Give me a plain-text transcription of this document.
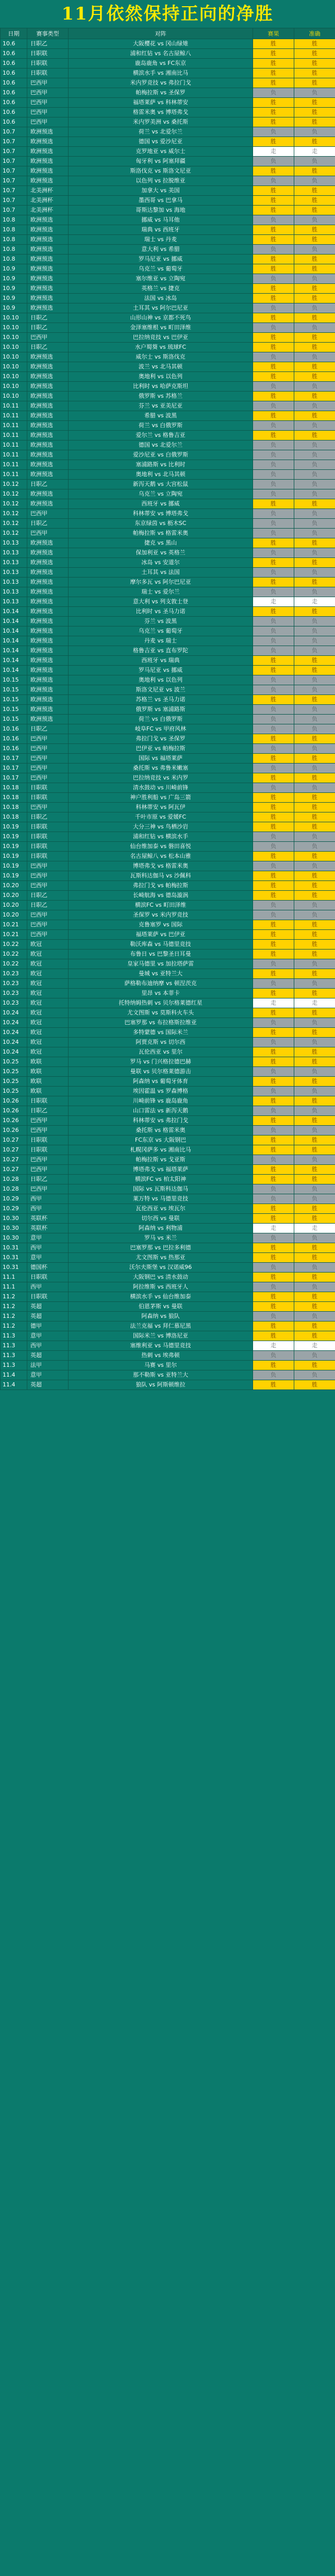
11月依然保持正向的净胜
日期	赛事类型	对阵	赛果	准确
10.6	日职乙	大阪樱花 vs 冈山绿雉	胜	胜
10.6	日职联	浦和红钻 vs 名古屋鲸八	胜	胜
10.6	日职联	鹿岛鹿角 vs FC东京	胜	胜
10.6	日职联	横滨水手 vs 湘南比马	胜	胜
10.6	巴西甲	米内罗竞技 vs 弗拉门戈	胜	胜
10.6	巴西甲	帕梅拉斯 vs 圣保罗	负	负
10.6	巴西甲	福塔莱萨 vs 科林蒂安	胜	胜
10.6	巴西甲	格雷米奥 vs 博塔弗戈	胜	胜
10.6	巴西甲	米内罗美洲 vs 桑托斯	胜	胜
10.7	欧洲预选	荷兰 vs 北爱尔兰	负	负
10.7	欧洲预选	德国 vs 爱沙尼亚	胜	胜
10.7	欧洲预选	克罗地亚 vs 威尔士	走	走
10.7	欧洲预选	匈牙利 vs 阿塞拜疆	负	负
10.7	欧洲预选	斯洛伐克 vs 斯洛文尼亚	胜	胜
10.7	欧洲预选	以色列 vs 拉脱维亚	负	负
10.7	北美洲杯	加拿大 vs 美国	胜	胜
10.7	北美洲杯	墨西哥 vs 巴拿马	胜	胜
10.7	北美洲杯	哥斯达黎加 vs 海地	胜	胜
10.8	欧洲预选	挪威 vs 马耳他	负	负
10.8	欧洲预选	瑞典 vs 西班牙	胜	胜
10.8	欧洲预选	瑞士 vs 丹麦	胜	胜
10.8	欧洲预选	意大利 vs 希腊	负	负
10.8	欧洲预选	罗马尼亚 vs 挪威	胜	胜
10.9	欧洲预选	乌克兰 vs 葡萄牙	胜	胜
10.9	欧洲预选	塞尔维亚 vs 立陶宛	负	负
10.9	欧洲预选	英格兰 vs 捷克	胜	胜
10.9	欧洲预选	法国 vs 冰岛	胜	胜
10.9	欧洲预选	土耳其 vs 阿尔巴尼亚	负	负
10.10	日职乙	山形山神 vs 京都不死鸟	胜	胜
10.10	日职乙	金泽塞维根 vs 町田泽维	负	负
10.10	巴西甲	巴拉纳竞技 vs 巴伊亚	胜	胜
10.10	日职乙	水户蜀葵 vs 琉球FC	胜	胜
10.10	欧洲预选	威尔士 vs 斯洛伐克	负	负
10.10	欧洲预选	波兰 vs 北马其顿	胜	胜
10.10	欧洲预选	奥地利 vs 以色列	胜	胜
10.10	欧洲预选	比利时 vs 哈萨克斯坦	负	负
10.10	欧洲预选	俄罗斯 vs 苏格兰	胜	胜
10.11	欧洲预选	芬兰 vs 亚美尼亚	负	负
10.11	欧洲预选	希腊 vs 波黑	胜	胜
10.11	欧洲预选	荷兰 vs 白俄罗斯	负	负
10.11	欧洲预选	爱尔兰 vs 格鲁吉亚	胜	胜
10.11	欧洲预选	德国 vs 北爱尔兰	负	负
10.11	欧洲预选	爱沙尼亚 vs 白俄罗斯	负	负
10.11	欧洲预选	塞浦路斯 vs 比利时	负	负
10.11	欧洲预选	奥地利 vs 北马其顿	负	负
10.12	日职乙	新泻天鹅 vs 大宫松鼠	负	负
10.12	欧洲预选	乌克兰 vs 立陶宛	负	负
10.12	欧洲预选	西班牙 vs 挪威	胜	胜
10.12	巴西甲	科林蒂安 vs 博塔弗戈	负	负
10.12	日职乙	东京绿茵 vs 枥木SC	负	负
10.12	巴西甲	帕梅拉斯 vs 格雷米奥	负	负
10.13	欧洲预选	捷克 vs 黑山	胜	胜
10.13	欧洲预选	保加利亚 vs 英格兰	负	负
10.13	欧洲预选	冰岛 vs 安道尔	胜	胜
10.13	欧洲预选	土耳其 vs 法国	负	负
10.13	欧洲预选	摩尔多瓦 vs 阿尔巴尼亚	胜	胜
10.13	欧洲预选	瑞士 vs 爱尔兰	负	负
10.13	欧洲预选	意大利 vs 列支敦士登	走	走
10.14	欧洲预选	比利时 vs 圣马力诺	胜	胜
10.14	欧洲预选	芬兰 vs 波黑	负	负
10.14	欧洲预选	乌克兰 vs 葡萄牙	负	负
10.14	欧洲预选	丹麦 vs 瑞士	负	负
10.14	欧洲预选	格鲁吉亚 vs 直布罗陀	负	负
10.14	欧洲预选	西班牙 vs 瑞典	胜	胜
10.14	欧洲预选	罗马尼亚 vs 挪威	胜	胜
10.15	欧洲预选	奥地利 vs 以色列	负	负
10.15	欧洲预选	斯洛文尼亚 vs 波兰	负	负
10.15	欧洲预选	苏格兰 vs 圣马力诺	胜	胜
10.15	欧洲预选	俄罗斯 vs 塞浦路斯	负	负
10.15	欧洲预选	荷兰 vs 白俄罗斯	负	负
10.16	日职乙	岐阜FC vs 甲府风林	负	负
10.16	巴西甲	弗拉门戈 vs 圣保罗	胜	胜
10.16	巴西甲	巴伊亚 vs 帕梅拉斯	负	负
10.17	巴西甲	国际 vs 福塔莱萨	胜	胜
10.17	巴西甲	桑托斯 vs 弗鲁米嫩塞	负	负
10.17	巴西甲	巴拉纳竞技 vs 米内罗	胜	胜
10.18	日职联	清水鼓动 vs 川崎前锋	负	负
10.18	日职联	神户胜利船 vs 广岛三箭	胜	胜
10.18	巴西甲	科林蒂安 vs 阿瓦伊	胜	胜
10.18	日职乙	千叶市原 vs 爱媛FC	胜	胜
10.19	日职联	大分三神 vs 鸟栖沙岩	胜	胜
10.19	日职联	浦和红钻 vs 横滨水手	负	负
10.19	日职联	仙台维加泰 vs 磐田喜悦	负	负
10.19	日职联	名古屋鲸八 vs 松本山雅	胜	胜
10.19	巴西甲	博塔弗戈 vs 格雷米奥	负	负
10.19	巴西甲	瓦斯科达伽马 vs 沙佩科	胜	胜
10.20	巴西甲	弗拉门戈 vs 帕梅拉斯	胜	胜
10.20	日职乙	长崎航海 vs 德岛漩涡	胜	胜
10.20	日职乙	横滨FC vs 町田泽维	负	负
10.20	巴西甲	圣保罗 vs 米内罗竞技	负	负
10.21	巴西甲	克鲁塞罗 vs 国际	胜	胜
10.21	巴西甲	福塔莱萨 vs 巴伊亚	胜	胜
10.22	欧冠	勒沃库森 vs 马德里竞技	胜	胜
10.22	欧冠	布鲁日 vs 巴黎圣日耳曼	胜	胜
10.22	欧冠	皇家马德里 vs 加拉塔萨雷	负	负
10.23	欧冠	曼城 vs 亚特兰大	胜	胜
10.23	欧冠	萨格勒布迪纳摩 vs 顿涅茨克	负	负
10.23	欧冠	里昂 vs 本菲卡	胜	胜
10.23	欧冠	托特纳姆热刺 vs 贝尔格莱德红星	走	走
10.24	欧冠	尤文图斯 vs 莫斯科火车头	胜	胜
10.24	欧冠	巴塞罗那 vs 布拉格斯拉维亚	负	负
10.24	欧冠	多特蒙德 vs 国际米兰	胜	胜
10.24	欧冠	阿贾克斯 vs 切尔西	负	负
10.24	欧冠	瓦伦西亚 vs 里尔	胜	胜
10.25	欧联	罗马 vs 门兴格拉德巴赫	胜	胜
10.25	欧联	曼联 vs 贝尔格莱德游击	负	负
10.25	欧联	阿森纳 vs 葡萄牙体育	胜	胜
10.25	欧联	埃因霍温 vs 罗森博格	负	负
10.26	日职联	川崎前锋 vs 鹿岛鹿角	胜	胜
10.26	日职乙	山口雷法 vs 新泻天鹅	负	负
10.26	巴西甲	科林蒂安 vs 弗拉门戈	胜	胜
10.26	巴西甲	桑托斯 vs 格雷米奥	负	负
10.27	日职联	FC东京 vs 大阪钢巴	胜	胜
10.27	日职联	札幌冈萨多 vs 湘南比马	胜	胜
10.27	巴西甲	帕梅拉斯 vs 戈亚斯	负	负
10.27	巴西甲	博塔弗戈 vs 福塔莱萨	胜	胜
10.28	日职乙	横滨FC vs 柏太阳神	胜	胜
10.28	巴西甲	国际 vs 瓦斯科达伽马	负	负
10.29	西甲	莱万特 vs 马德里竞技	负	负
10.29	西甲	瓦伦西亚 vs 埃瓦尔	胜	胜
10.30	英联杯	切尔西 vs 曼联	胜	胜
10.30	英联杯	阿森纳 vs 利物浦	走	走
10.30	意甲	罗马 vs 米兰	负	负
10.31	西甲	巴塞罗那 vs 巴拉多利德	胜	胜
10.31	意甲	尤文图斯 vs 热那亚	胜	胜
10.31	德国杯	沃尔夫斯堡 vs 汉诺威96	负	负
11.1	日职联	大阪钢巴 vs 清水鼓动	胜	胜
11.1	西甲	阿拉维斯 vs 西班牙人	负	负
11.2	日职联	横滨水手 vs 仙台维加泰	胜	胜
11.2	英超	伯恩茅斯 vs 曼联	胜	胜
11.2	英超	阿森纳 vs 狼队	负	负
11.2	德甲	法兰克福 vs 拜仁慕尼黑	胜	胜
11.3	意甲	国际米兰 vs 博洛尼亚	胜	胜
11.3	西甲	塞维利亚 vs 马德里竞技	走	走
11.3	英超	热刺 vs 埃弗顿	负	负
11.3	法甲	马赛 vs 里尔	胜	胜
11.4	意甲	那不勒斯 vs 亚特兰大	负	负
11.4	英超	狼队 vs 阿斯顿维拉	胜	胜
